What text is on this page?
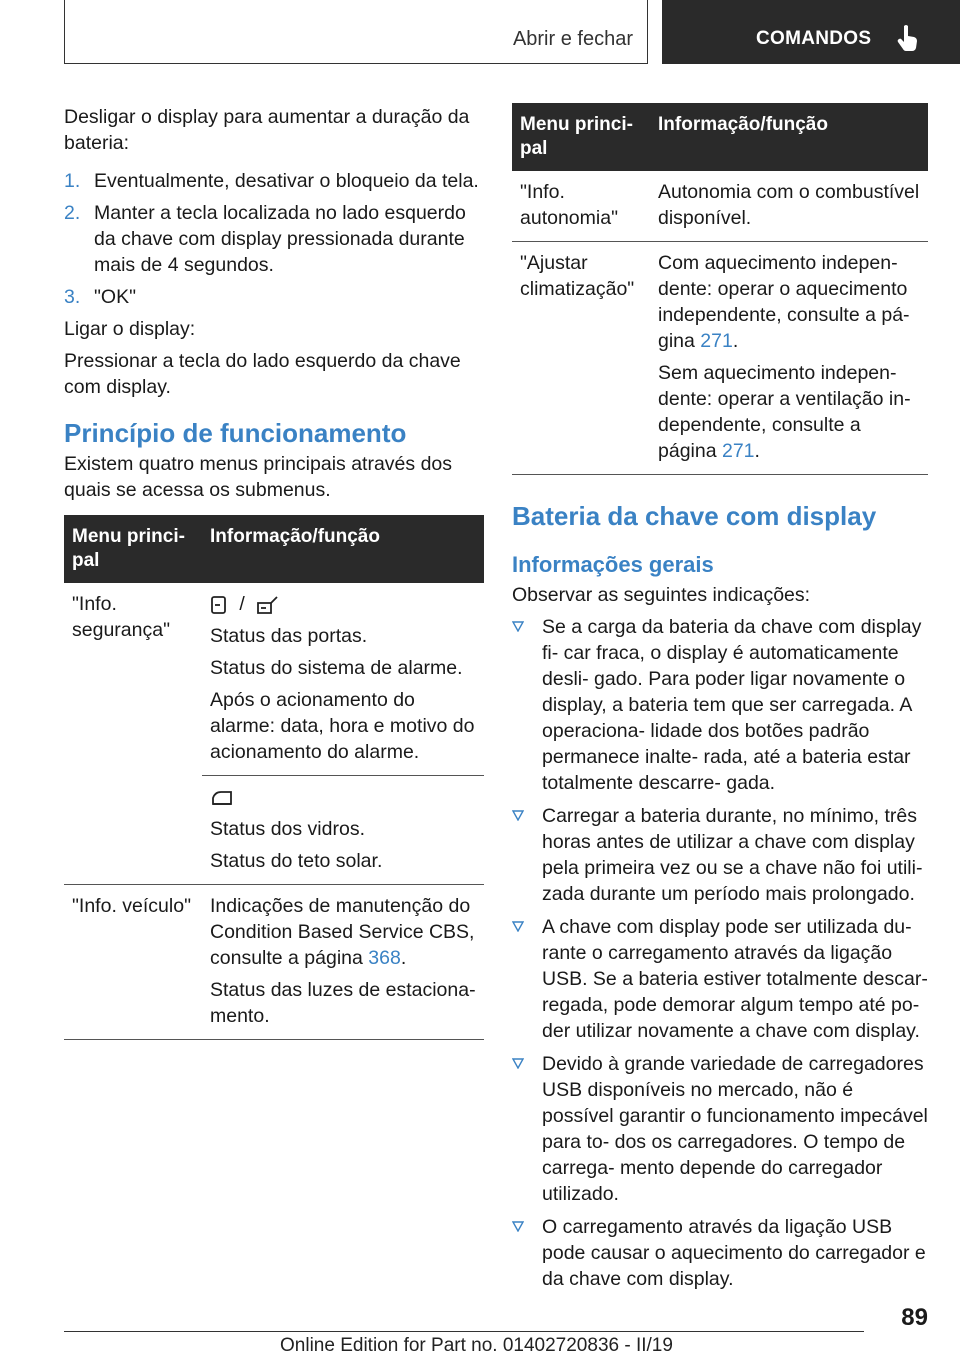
Abrir e fechar	COMANDOS

Desligar o display para aumentar a duração da bateria:

1. Eventualmente, desativar o bloqueio da tela.
2. Manter a tecla localizada no lado esquerdo da chave com display pressionada durante mais de 4 segundos.
3. "OK"

Ligar o display:

Pressionar a tecla do lado esquerdo da chave com display.

Princípio de funcionamento

Existem quatro menus principais através dos quais se acessa os submenus.

Menu princi- pal	Informação/função
"Info. segurança"	/

Status das portas.

Status do sistema de alarme.

Após o acionamento do alarme: data, hora e motivo do acionamento do alarme.

	Status dos vidros.

Status do teto solar.

"Info. veículo"	Indicações de manutenção do Condition Based Service CBS, consulte a página 368.

Status das luzes de estaciona- mento.

Menu princi- pal	Informação/função
"Info. autonomia"	Autonomia com o combustível disponível.
"Ajustar climatização"	Com aquecimento indepen- dente: operar o aquecimento independente, consulte a pá- gina 271.

Sem aquecimento indepen- dente: operar a ventilação in- dependente, consulte a página 271.

Bateria da chave com display
Informações gerais

Observar as seguintes indicações:

Se a carga da bateria da chave com display fi- car fraca, o display é automaticamente desli- gado. Para poder ligar novamente o display, a bateria tem que ser carregada. A operaciona- lidade dos botões padrão permanece inalte- rada, até a bateria estar totalmente descarre- gada.
Carregar a bateria durante, no mínimo, três horas antes de utilizar a chave com display pela primeira vez ou se a chave não foi utili- zada durante um período mais prolongado.
A chave com display pode ser utilizada du- rante o carregamento através da ligação USB. Se a bateria estiver totalmente descar- regada, pode demorar algum tempo até po- der utilizar novamente a chave com display.
Devido à grande variedade de carregadores USB disponíveis no mercado, não é possível garantir o funcionamento impecável para to- dos os carregadores. O tempo de carrega- mento depende do carregador utilizado.
O carregamento através da ligação USB pode causar o aquecimento do carregador e da chave com display.
89
Online Edition for Part no. 01402720836 - II/19
